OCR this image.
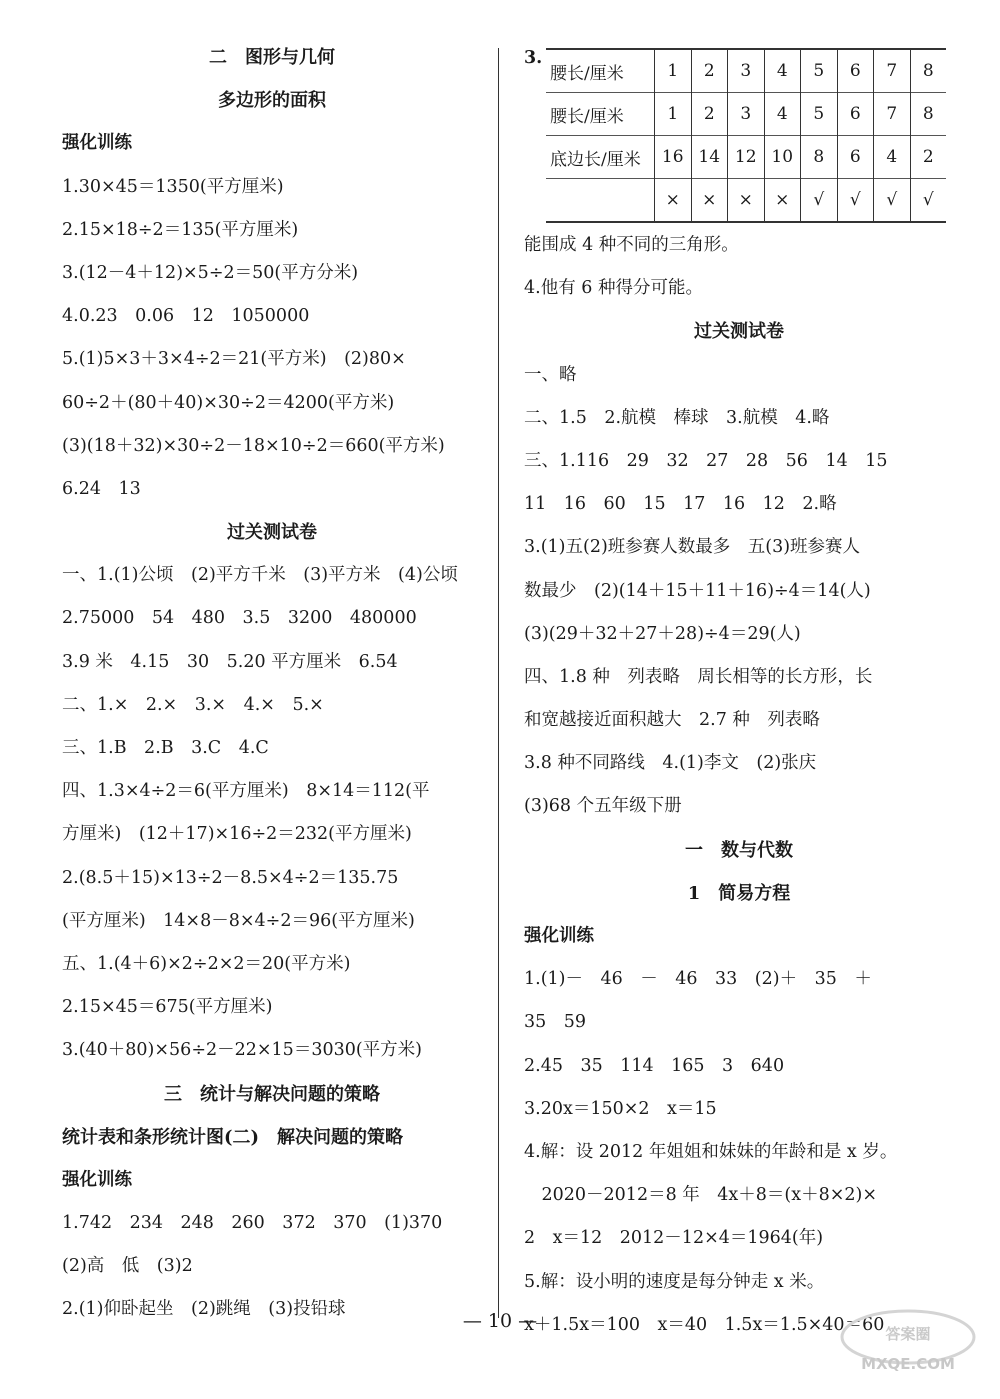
二　图形与几何
多边形的面积
强化训练
1.30×45＝1350(平方厘米)
2.15×18÷2＝135(平方厘米)
3.(12－4＋12)×5÷2＝50(平方分米)
4.0.23　0.06　12　1050000
5.(1)5×3＋3×4÷2＝21(平方米)　(2)80×
60÷2＋(80＋40)×30÷2＝4200(平方米)
(3)(18＋32)×30÷2－18×10÷2＝660(平方米)
6.24　13
过关测试卷
一、1.(1)公顷　(2)平方千米　(3)平方米　(4)公顷
2.75000　54　480　3.5　3200　480000
3.9 米　4.15　30　5.20 平方厘米　6.54
二、1.×　2.×　3.×　4.×　5.×
三、1.B　2.B　3.C　4.C
四、1.3×4÷2＝6(平方厘米)　8×14＝112(平
方厘米)　(12＋17)×16÷2＝232(平方厘米)
2.(8.5＋15)×13÷2－8.5×4÷2＝135.75
(平方厘米)　14×8－8×4÷2＝96(平方厘米)
五、1.(4＋6)×2÷2×2＝20(平方米)
2.15×45＝675(平方厘米)
3.(40＋80)×56÷2－22×15＝3030(平方米)
三　统计与解决问题的策略
统计表和条形统计图(二)　解决问题的策略
强化训练
1.742　234　248　260　372　370　(1)370
(2)高　低　(3)2
2.(1)仰卧起坐　(2)跳绳　(3)投铅球
3.
腰长/厘米	1	2	3	4	5	6	7	8
腰长/厘米	1	2	3	4	5	6	7	8
底边长/厘米	16	14	12	10	8	6	4	2
	×	×	×	×	√	√	√	√
能围成 4 种不同的三角形。
4.他有 6 种得分可能。
过关测试卷
一、略
二、1.5　2.航模　棒球　3.航模　4.略
三、1.116　29　32　27　28　56　14　15
11　16　60　15　17　16　12　2.略
3.(1)五(2)班参赛人数最多　五(3)班参赛人
数最少　(2)(14＋15＋11＋16)÷4＝14(人)
(3)(29＋32＋27＋28)÷4＝29(人)
四、1.8 种　列表略　周长相等的长方形，长
和宽越接近面积越大　2.7 种　列表略
3.8 种不同路线　4.(1)李文　(2)张庆
(3)68 个五年级下册
一　数与代数
1　简易方程
强化训练
1.(1)－　46　－　46　33　(2)＋　35　＋
35　59
2.45　35　114　165　3　640
3.20x＝150×2　x＝15
4.解：设 2012 年姐姐和妹妹的年龄和是 x 岁。
　2020－2012＝8 年　4x＋8＝(x＋8×2)×
2　x＝12　2012－12×4＝1964(年)
5.解：设小明的速度是每分钟走 x 米。
x＋1.5x＝100　x＝40　1.5x＝1.5×40＝60
— 10 —
答案圈
MXQE.COM
